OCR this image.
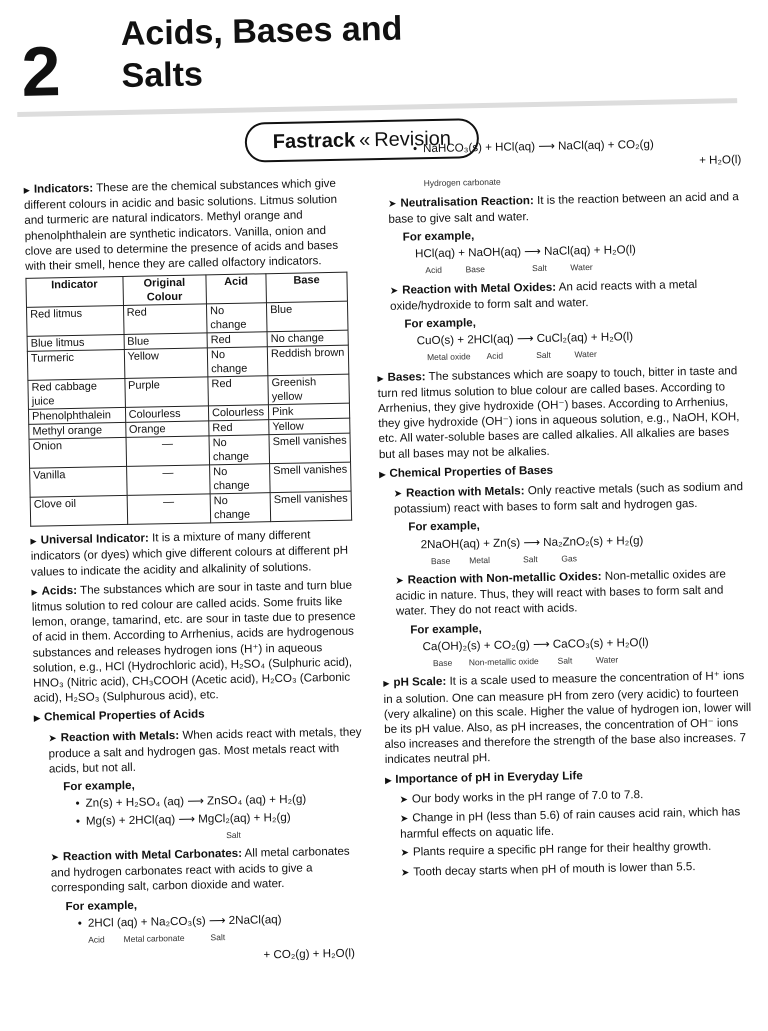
2
Acids, Bases and
Salts
Fastrack « Revision

▶ Indicators: These are the chemical substances which give different colours in acidic and basic solutions. Litmus solution and turmeric are natural indicators. Methyl orange and phenolphthalein are synthetic indicators. Vanilla, onion and clove are used to determine the presence of acids and bases with their smell, hence they are called olfactory indicators.

Indicator	Original Colour	Acid	Base
Red litmus	Red	No change	Blue
Blue litmus	Blue	Red	No change
Turmeric	Yellow	No change	Reddish brown
Red cabbage juice	Purple	Red	Greenish yellow
Phenolphthalein	Colourless	Colourless	Pink
Methyl orange	Orange	Red	Yellow
Onion	—	No change	Smell vanishes
Vanilla	—	No change	Smell vanishes
Clove oil	—	No change	Smell vanishes

▶ Universal Indicator: It is a mixture of many different indicators (or dyes) which give different colours at different pH values to indicate the acidity and alkalinity of solutions.

▶ Acids: The substances which are sour in taste and turn blue litmus solution to red colour are called acids. Some fruits like lemon, orange, tamarind, etc. are sour in taste due to presence of acid in them. According to Arrhenius, acids are hydrogenous substances and releases hydrogen ions (H⁺) in aqueous solution, e.g., HCl (Hydrochloric acid), H₂SO₄ (Sulphuric acid), HNO₃ (Nitric acid), CH₃COOH (Acetic acid), H₂CO₃ (Carbonic acid), H₂SO₃ (Sulphurous acid), etc.

▶ Chemical Properties of Acids

➤ Reaction with Metals: When acids react with metals, they produce a salt and hydrogen gas. Most metals react with acids, but not all.

For example,

• Zn(s) + H₂SO₄ (aq) ⟶ ZnSO₄ (aq) + H₂(g)

• Mg(s) + 2HCl(aq) ⟶ MgCl₂(aq) + H₂(g)

Salt

➤ Reaction with Metal Carbonates: All metal carbonates and hydrogen carbonates react with acids to give a corresponding salt, carbon dioxide and water.

For example,

• 2HCl (aq) + Na₂CO₃(s) ⟶ 2NaCl(aq)

Acid        Metal carbonate           Salt

+ CO₂(g) + H₂O(l)

• NaHCO₃(s) + HCl(aq) ⟶ NaCl(aq) + CO₂(g)

+ H₂O(l)

Hydrogen carbonate

➤ Neutralisation Reaction: It is the reaction between an acid and a base to give salt and water.

For example,

HCl(aq) + NaOH(aq) ⟶ NaCl(aq) + H₂O(l)

Acid          Base                    Salt          Water

➤ Reaction with Metal Oxides: An acid reacts with a metal oxide/hydroxide to form salt and water.

For example,

CuO(s) + 2HCl(aq) ⟶ CuCl₂(aq) + H₂O(l)

Metal oxide       Acid              Salt          Water

▶ Bases: The substances which are soapy to touch, bitter in taste and turn red litmus solution to blue colour are called bases. According to Arrhenius, they give hydroxide (OH⁻) bases. According to Arrhenius, they give hydroxide (OH⁻) ions in aqueous solution, e.g., NaOH, KOH, etc. All water-soluble bases are called alkalies. All alkalies are bases but all bases may not be alkalies.

▶ Chemical Properties of Bases

➤ Reaction with Metals: Only reactive metals (such as sodium and potassium) react with bases to form salt and hydrogen gas.

For example,

2NaOH(aq) + Zn(s) ⟶ Na₂ZnO₂(s) + H₂(g)

Base        Metal              Salt          Gas

➤ Reaction with Non-metallic Oxides: Non-metallic oxides are acidic in nature. Thus, they will react with bases to form salt and water. They do not react with acids.

For example,

Ca(OH)₂(s) + CO₂(g) ⟶ CaCO₃(s) + H₂O(l)

Base       Non-metallic oxide        Salt          Water

▶ pH Scale: It is a scale used to measure the concentration of H⁺ ions in a solution. One can measure pH from zero (very acidic) to fourteen (very alkaline) on this scale. Higher the value of hydrogen ion, lower will be its pH value. Also, as pH increases, the concentration of OH⁻ ions also increases and therefore the strength of the base also increases. 7 indicates neutral pH.

▶ Importance of pH in Everyday Life

➤ Our body works in the pH range of 7.0 to 7.8.

➤ Change in pH (less than 5.6) of rain causes acid rain, which has harmful effects on aquatic life.

➤ Plants require a specific pH range for their healthy growth.

➤ Tooth decay starts when pH of mouth is lower than 5.5.
